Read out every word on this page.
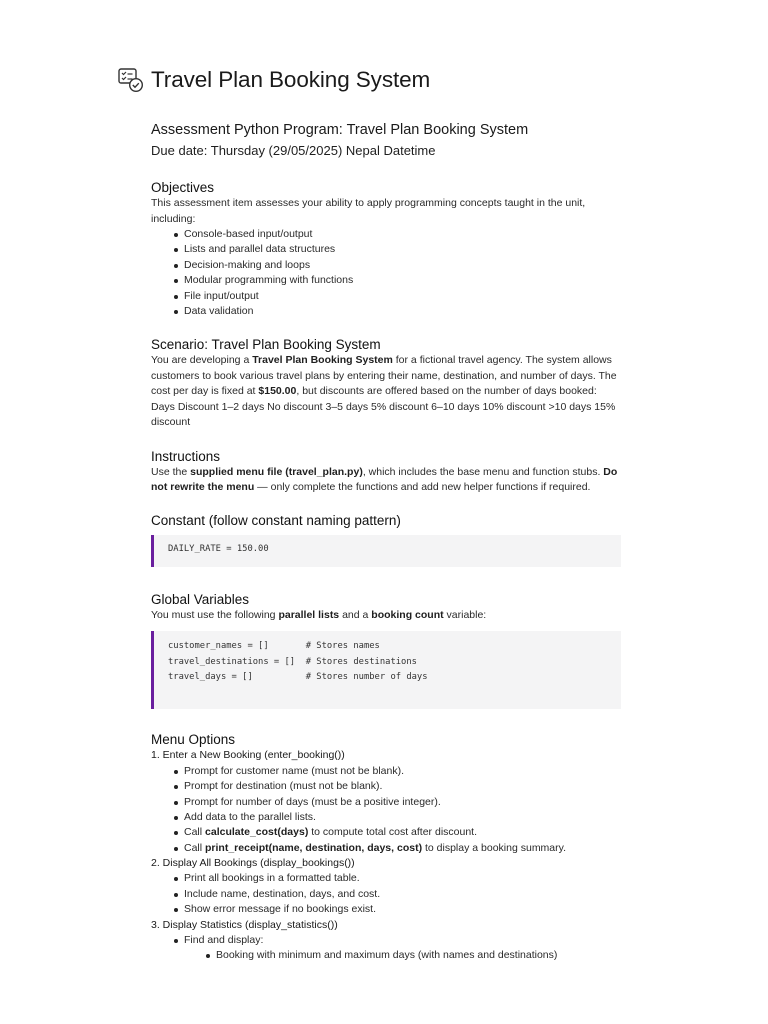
Travel Plan Booking System
Assessment Python Program: Travel Plan Booking System
Due date: Thursday (29/05/2025) Nepal Datetime
Objectives

This assessment item assesses your ability to apply programming concepts taught in the unit, including:

Console-based input/output
Lists and parallel data structures
Decision-making and loops
Modular programming with functions
File input/output
Data validation
Scenario: Travel Plan Booking System

You are developing a Travel Plan Booking System for a fictional travel agency. The system allows customers to book various travel plans by entering their name, destination, and number of days. The cost per day is fixed at $150.00, but discounts are offered based on the number of days booked:

Days Discount 1–2 days No discount 3–5 days 5% discount 6–10 days 10% discount >10 days 15% discount

Instructions

Use the supplied menu file (travel_plan.py), which includes the base menu and function stubs. Do not rewrite the menu — only complete the functions and add new helper functions if required.

Constant (follow constant naming pattern)
DAILY_RATE = 150.00
Global Variables

You must use the following parallel lists and a booking count variable:

customer_names = []       # Stores names
travel_destinations = []  # Stores destinations
travel_days = []          # Stores number of days
Menu Options

1. Enter a New Booking (enter_booking())

Prompt for customer name (must not be blank).
Prompt for destination (must not be blank).
Prompt for number of days (must be a positive integer).
Add data to the parallel lists.
Call calculate_cost(days) to compute total cost after discount.
Call print_receipt(name, destination, days, cost) to display a booking summary.

2. Display All Bookings (display_bookings())

Print all bookings in a formatted table.
Include name, destination, days, and cost.
Show error message if no bookings exist.

3. Display Statistics (display_statistics())

Find and display:
Booking with minimum and maximum days (with names and destinations)
